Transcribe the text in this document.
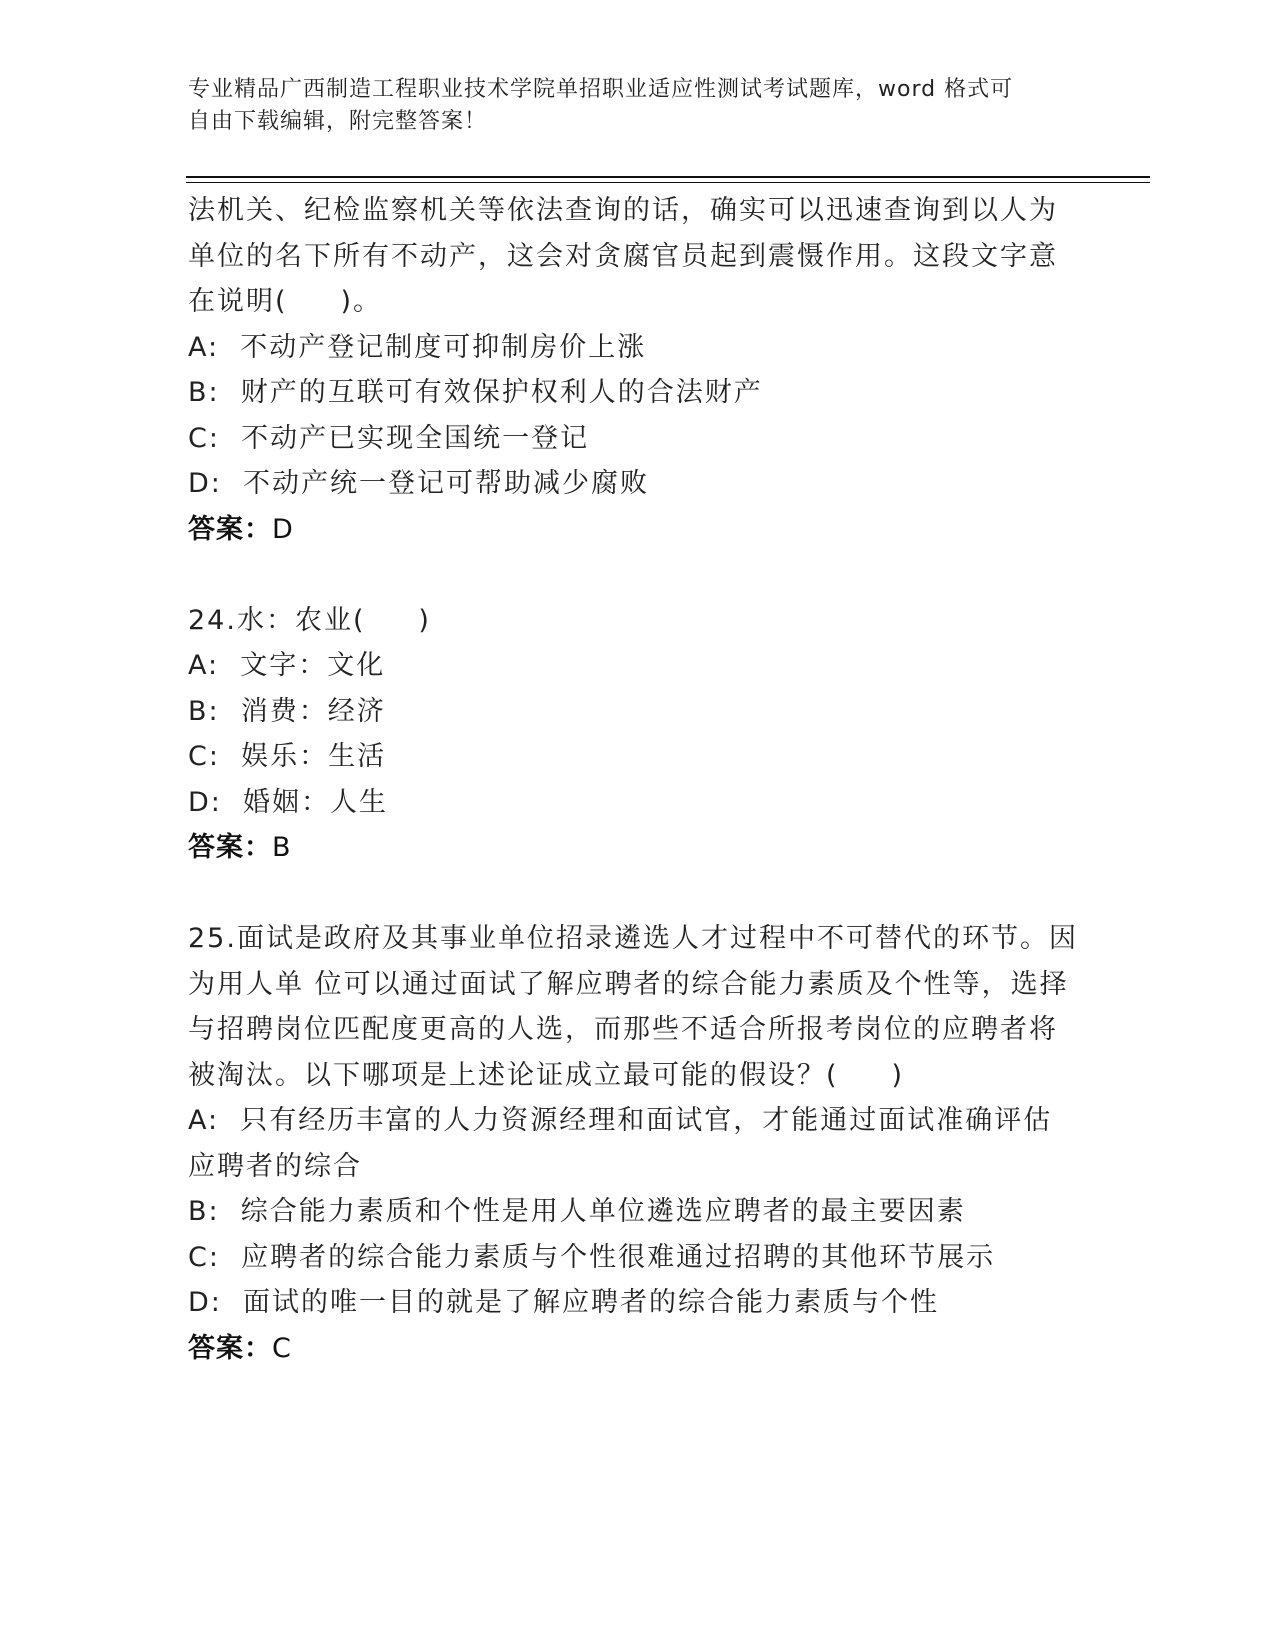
专业精品广西制造工程职业技术学院单招职业适应性测试考试题库，word 格式可
自由下载编辑，附完整答案！
法机关、纪检监察机关等依法查询的话，确实可以迅速查询到以人为
单位的名下所有不动产，这会对贪腐官员起到震慑作用。这段文字意
在说明(     )。
A:  不动产登记制度可抑制房价上涨
B:  财产的互联可有效保护权利人的合法财产
C:  不动产已实现全国统一登记
D:  不动产统一登记可帮助减少腐败
答案：D
24.水：农业(     )
A:  文字：文化
B:  消费：经济
C:  娱乐：生活
D:  婚姻：人生
答案：B
25.面试是政府及其事业单位招录遴选人才过程中不可替代的环节。因
为用人单 位可以通过面试了解应聘者的综合能力素质及个性等，选择
与招聘岗位匹配度更高的人选，而那些不适合所报考岗位的应聘者将
被淘汰。以下哪项是上述论证成立最可能的假设？(     )
A:  只有经历丰富的人力资源经理和面试官，才能通过面试准确评估
应聘者的综合
B:  综合能力素质和个性是用人单位遴选应聘者的最主要因素
C:  应聘者的综合能力素质与个性很难通过招聘的其他环节展示
D:  面试的唯一目的就是了解应聘者的综合能力素质与个性
答案：C
